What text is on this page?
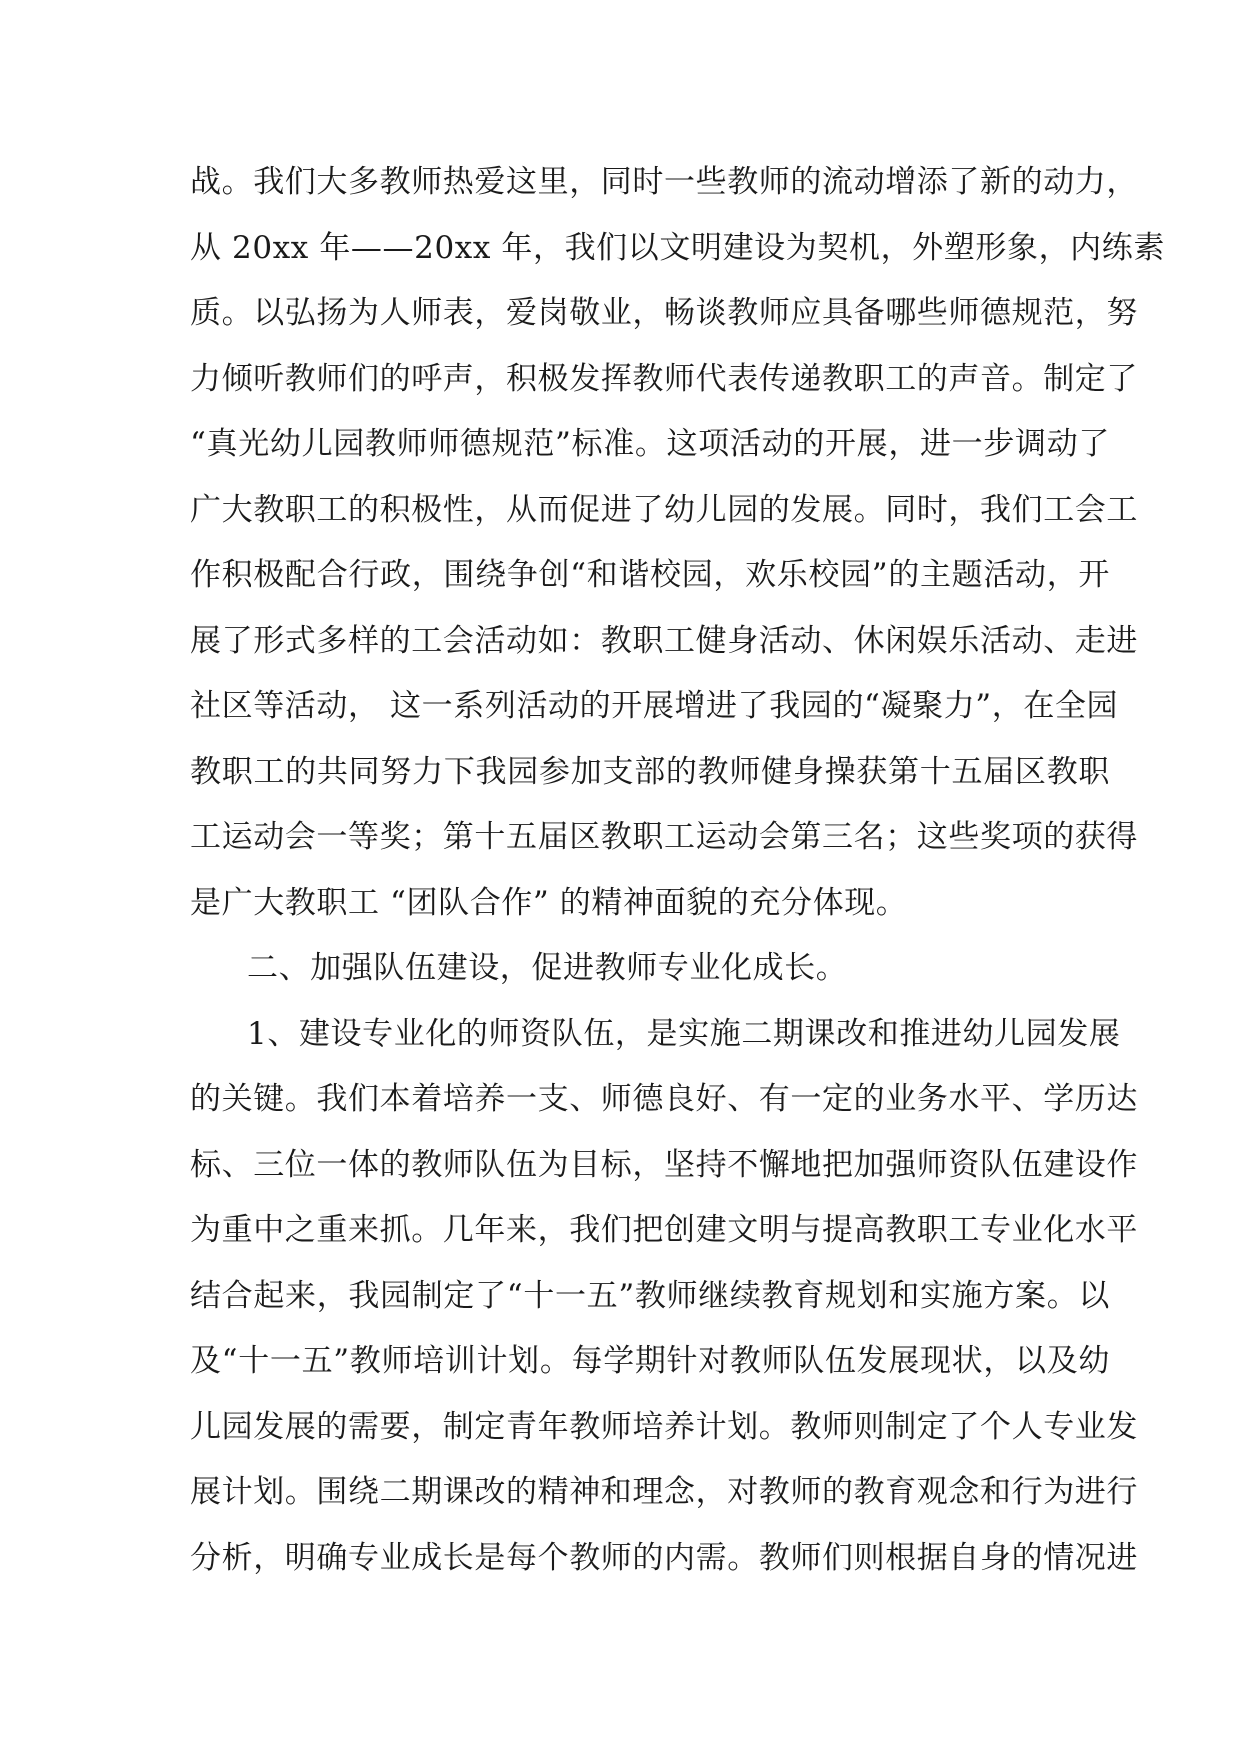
战。我们大多教师热爱这里，同时一些教师的流动增添了新的动力，
从 20xx 年——20xx 年，我们以文明建设为契机，外塑形象，内练素
质。以弘扬为人师表，爱岗敬业，畅谈教师应具备哪些师德规范，努
力倾听教师们的呼声，积极发挥教师代表传递教职工的声音。制定了
“真光幼儿园教师师德规范”标准。这项活动的开展，进一步调动了
广大教职工的积极性，从而促进了幼儿园的发展。同时，我们工会工
作积极配合行政，围绕争创“和谐校园，欢乐校园”的主题活动，开
展了形式多样的工会活动如：教职工健身活动、休闲娱乐活动、走进
社区等活动， 这一系列活动的开展增进了我园的“凝聚力”，在全园
教职工的共同努力下我园参加支部的教师健身操获第十五届区教职
工运动会一等奖；第十五届区教职工运动会第三名；这些奖项的获得
是广大教职工 “团队合作” 的精神面貌的充分体现。
二、加强队伍建设，促进教师专业化成长。
1、建设专业化的师资队伍，是实施二期课改和推进幼儿园发展
的关键。我们本着培养一支、师德良好、有一定的业务水平、学历达
标、三位一体的教师队伍为目标，坚持不懈地把加强师资队伍建设作
为重中之重来抓。几年来，我们把创建文明与提高教职工专业化水平
结合起来，我园制定了“十一五”教师继续教育规划和实施方案。以
及“十一五”教师培训计划。每学期针对教师队伍发展现状，以及幼
儿园发展的需要，制定青年教师培养计划。教师则制定了个人专业发
展计划。围绕二期课改的精神和理念，对教师的教育观念和行为进行
分析，明确专业成长是每个教师的内需。教师们则根据自身的情况进
